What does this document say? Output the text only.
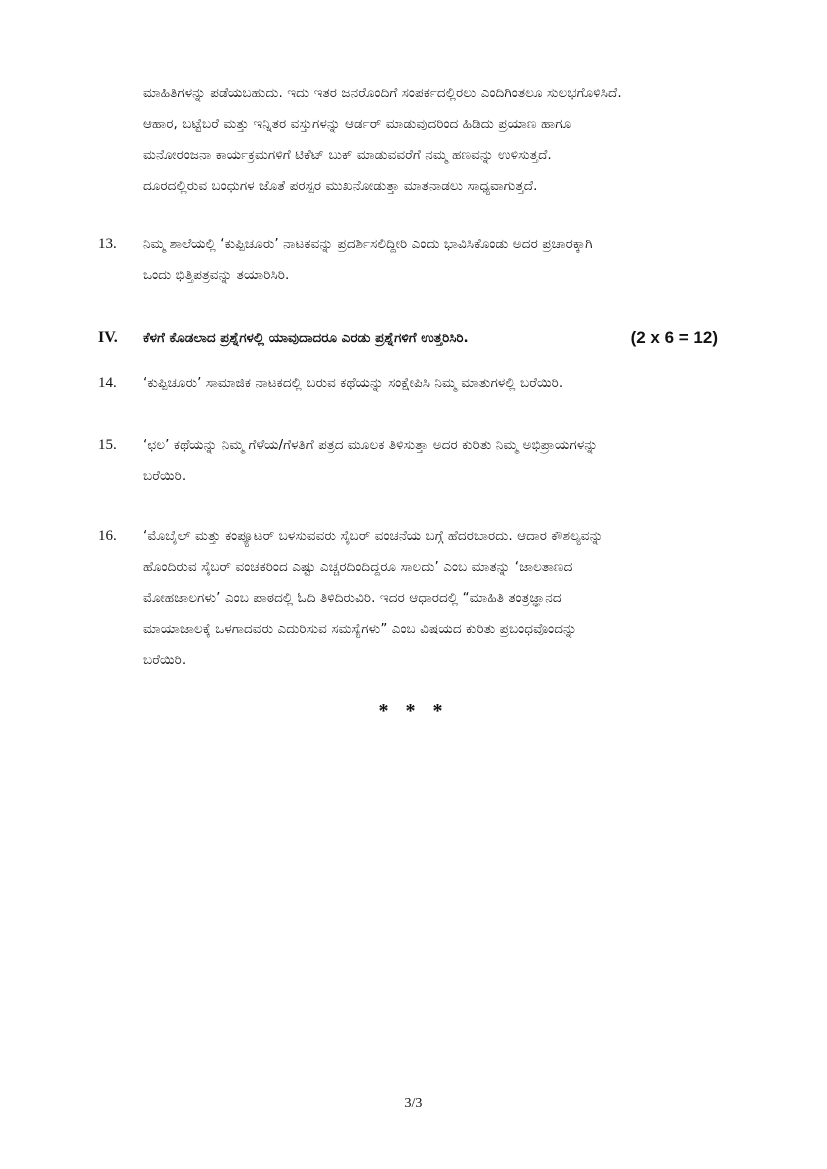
ಮಾಹಿತಿಗಳನ್ನು ಪಡೆಯಬಹುದು. ಇದು ಇತರ ಜನರೊಂದಿಗೆ ಸಂಪರ್ಕದಲ್ಲಿರಲು ಎಂದಿಗಿಂತಲೂ ಸುಲಭಗೊಳಿಸಿದೆ.
ಆಹಾರ, ಬಟ್ಟೆಬರೆ ಮತ್ತು ಇನ್ನಿತರ ವಸ್ತುಗಳನ್ನು ಆರ್ಡರ್ ಮಾಡುವುದರಿಂದ ಹಿಡಿದು ಪ್ರಯಾಣ ಹಾಗೂ
ಮನೋರಂಜನಾ ಕಾರ್ಯಕ್ರಮಗಳಿಗೆ ಟಿಕೆಟ್ ಬುಕ್ ಮಾಡುವವರೆಗೆ ನಮ್ಮ ಹಣವನ್ನು ಉಳಿಸುತ್ತದೆ.
ದೂರದಲ್ಲಿರುವ ಬಂಧುಗಳ ಜೊತೆ ಪರಸ್ಪರ ಮುಖನೋಡುತ್ತಾ ಮಾತನಾಡಲು ಸಾಧ್ಯವಾಗುತ್ತದೆ.
13. ನಿಮ್ಮ ಶಾಲೆಯಲ್ಲಿ ‘ಕುಪ್ಪಿಚೂರು’ ನಾಟಕವನ್ನು ಪ್ರದರ್ಶಿಸಲಿದ್ದೀರಿ ಎಂದು ಭಾವಿಸಿಕೊಂಡು ಅದರ ಪ್ರಚಾರಕ್ಕಾಗಿ
ಒಂದು ಭಿತ್ತಿಪತ್ರವನ್ನು ತಯಾರಿಸಿರಿ.
IV. ಕೆಳಗೆ ಕೊಡಲಾದ ಪ್ರಶ್ನೆಗಳಲ್ಲಿ ಯಾವುದಾದರೂ ಎರಡು ಪ್ರಶ್ನೆಗಳಿಗೆ ಉತ್ತರಿಸಿರಿ.	(2 x 6 = 12)
14. ‘ಕುಪ್ಪಿಚೂರು’ ಸಾಮಾಜಿಕ ನಾಟಕದಲ್ಲಿ ಬರುವ ಕಥೆಯನ್ನು ಸಂಕ್ಷೇಪಿಸಿ ನಿಮ್ಮ ಮಾತುಗಳಲ್ಲಿ ಬರೆಯಿರಿ.
15. ‘ಛಲ’ ಕಥೆಯನ್ನು ನಿಮ್ಮ ಗೆಳೆಯ/ಗೆಳತಿಗೆ ಪತ್ರದ ಮೂಲಕ ತಿಳಿಸುತ್ತಾ ಅದರ ಕುರಿತು ನಿಮ್ಮ ಅಭಿಪ್ರಾಯಗಳನ್ನು
ಬರೆಯಿರಿ.
16. ‘ಮೊಬೈಲ್ ಮತ್ತು ಕಂಪ್ಯೂಟರ್ ಬಳಸುವವರು ಸೈಬರ್ ವಂಚನೆಯ ಬಗ್ಗೆ ಹೆದರಬಾರದು. ಆದಾರ ಕೌಶಲ್ಯವನ್ನು
ಹೊಂದಿರುವ ಸೈಬರ್ ವಂಚಕರಿಂದ ಎಷ್ಟು ಎಚ್ಚರದಿಂದಿದ್ದರೂ ಸಾಲದು’ ಎಂಬ ಮಾತನ್ನು ‘ಜಾಲತಾಣದ
ಮೋಹಜಾಲಗಳು’ ಎಂಬ ಪಾಠದಲ್ಲಿ ಓದಿ ತಿಳಿದಿರುವಿರಿ. ಇದರ ಆಧಾರದಲ್ಲಿ “ಮಾಹಿತಿ ತಂತ್ರಜ್ಞಾನದ
ಮಾಯಾಜಾಲಕ್ಕೆ ಒಳಗಾದವರು ಎದುರಿಸುವ ಸಮಸ್ಯೆಗಳು” ಎಂಬ ವಿಷಯದ ಕುರಿತು ಪ್ರಬಂಧವೊಂದನ್ನು
ಬರೆಯಿರಿ.
* * *
3/3
